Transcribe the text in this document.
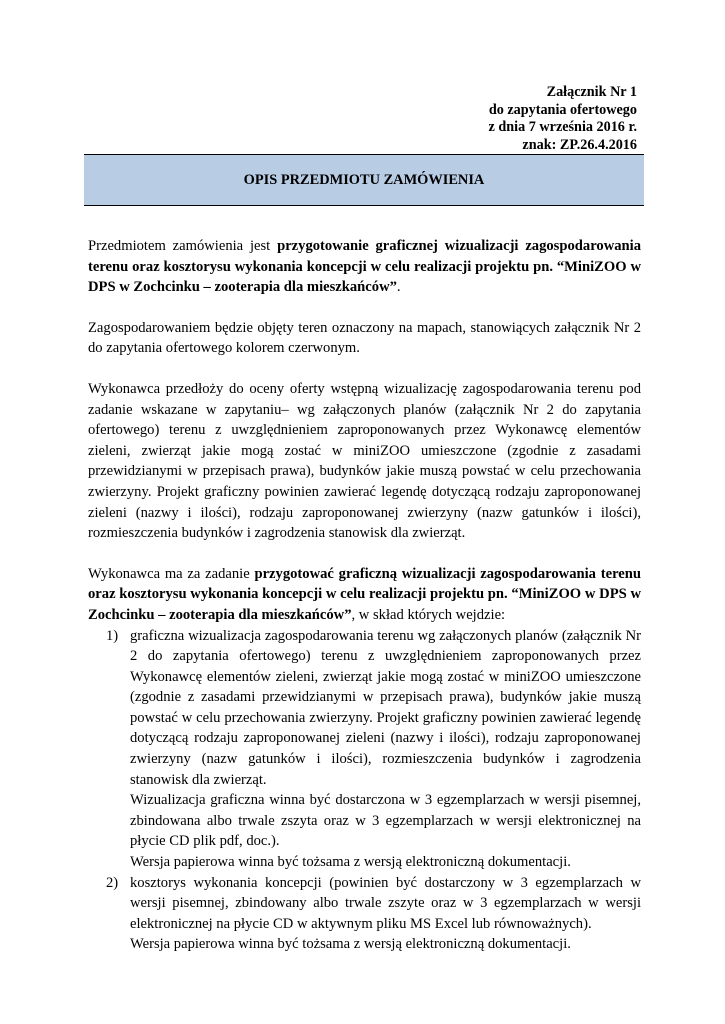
Załącznik Nr 1
do zapytania ofertowego
z dnia 7 września 2016 r.
znak: ZP.26.4.2016
OPIS PRZEDMIOTU ZAMÓWIENIA

Przedmiotem zamówienia jest przygotowanie graficznej wizualizacji zagospodarowania terenu oraz kosztorysu wykonania koncepcji w celu realizacji projektu pn. “MiniZOO w DPS w Zochcinku – zooterapia dla mieszkańców”.

Zagospodarowaniem będzie objęty teren oznaczony na mapach, stanowiących załącznik Nr 2 do zapytania ofertowego kolorem czerwonym.

Wykonawca przedłoży do oceny oferty wstępną wizualizację zagospodarowania terenu pod zadanie wskazane w zapytaniu– wg załączonych planów (załącznik Nr 2 do zapytania ofertowego) terenu z uwzględnieniem zaproponowanych przez Wykonawcę elementów zieleni, zwierząt jakie mogą zostać w miniZOO umieszczone (zgodnie z zasadami przewidzianymi w przepisach prawa), budynków jakie muszą powstać w celu przechowania zwierzyny. Projekt graficzny powinien zawierać legendę dotyczącą rodzaju zaproponowanej zieleni (nazwy i ilości), rodzaju zaproponowanej zwierzyny (nazw gatunków i ilości), rozmieszczenia budynków i zagrodzenia stanowisk dla zwierząt.

Wykonawca ma za zadanie przygotować graficzną wizualizacji zagospodarowania terenu oraz kosztorysu wykonania koncepcji w celu realizacji projektu pn. “MiniZOO w DPS w Zochcinku – zooterapia dla mieszkańców”, w skład których wejdzie:

1) graficzna wizualizacja zagospodarowania terenu wg załączonych planów (załącznik Nr 2 do zapytania ofertowego) terenu z uwzględnieniem zaproponowanych przez Wykonawcę elementów zieleni, zwierząt jakie mogą zostać w miniZOO umieszczone (zgodnie z zasadami przewidzianymi w przepisach prawa), budynków jakie muszą powstać w celu przechowania zwierzyny. Projekt graficzny powinien zawierać legendę dotyczącą rodzaju zaproponowanej zieleni (nazwy i ilości), rodzaju zaproponowanej zwierzyny (nazw gatunków i ilości), rozmieszczenia budynków i zagrodzenia stanowisk dla zwierząt.
Wizualizacja graficzna winna być dostarczona w 3 egzemplarzach w wersji pisemnej, zbindowana albo trwale zszyta oraz w 3 egzemplarzach w wersji elektronicznej na płycie CD plik pdf, doc.).
Wersja papierowa winna być tożsama z wersją elektroniczną dokumentacji.
2) kosztorys wykonania koncepcji (powinien być dostarczony w 3 egzemplarzach w wersji pisemnej, zbindowany albo trwale zszyte oraz w 3 egzemplarzach w wersji elektronicznej na płycie CD w aktywnym pliku MS Excel lub równoważnych).
Wersja papierowa winna być tożsama z wersją elektroniczną dokumentacji.
